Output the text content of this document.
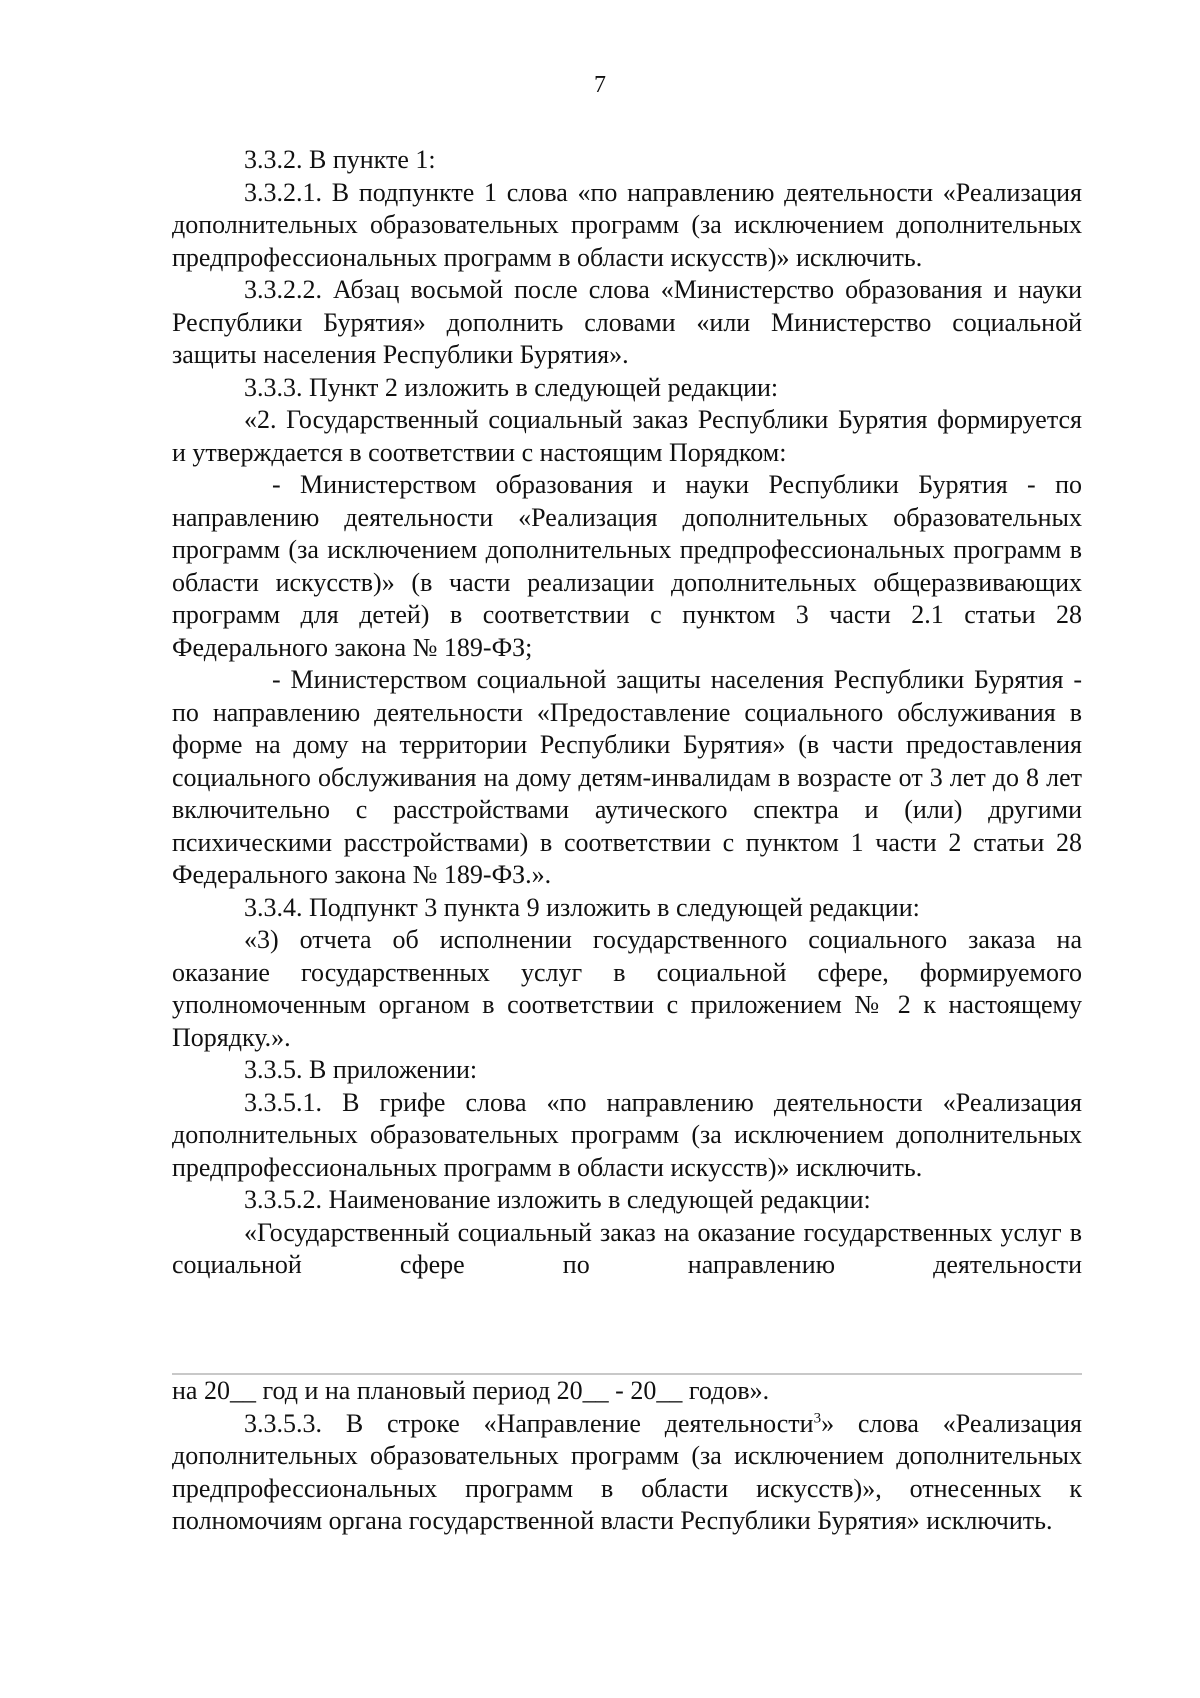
7

3.3.2. В пункте 1:

3.3.2.1. В подпункте 1 слова «по направлению деятельности «Реализация дополнительных образовательных программ (за исключением дополнительных предпрофессиональных программ в области искусств)» исключить.

3.3.2.2. Абзац восьмой после слова «Министерство образования и науки Республики Бурятия» дополнить словами «или Министерство социальной защиты населения Республики Бурятия».

3.3.3. Пункт 2 изложить в следующей редакции:

«2. Государственный социальный заказ Республики Бурятия формируется и утверждается в соответствии с настоящим Порядком:

- Министерством образования и науки Республики Бурятия - по направлению деятельности «Реализация дополнительных образовательных программ (за исключением дополнительных предпрофессиональных программ в области искусств)» (в части реализации дополнительных общеразвивающих программ для детей) в соответствии с пунктом 3 части 2.1 статьи 28 Федерального закона № 189-ФЗ;

- Министерством социальной защиты населения Республики Бурятия - по направлению деятельности «Предоставление социального обслуживания в форме на дому на территории Республики Бурятия» (в части предоставления социального обслуживания на дому детям-инвалидам в возрасте от 3 лет до 8 лет включительно с расстройствами аутического спектра и (или) другими психическими расстройствами) в соответствии с пунктом 1 части 2 статьи 28 Федерального закона № 189-ФЗ.».

3.3.4. Подпункт 3 пункта 9 изложить в следующей редакции:

«3) отчета об исполнении государственного социального заказа на оказание государственных услуг в социальной сфере, формируемого уполномоченным органом в соответствии с приложением № 2 к настоящему Порядку.».

3.3.5. В приложении:

3.3.5.1. В грифе слова «по направлению деятельности «Реализация дополнительных образовательных программ (за исключением дополнительных предпрофессиональных программ в области искусств)» исключить.

3.3.5.2. Наименование изложить в следующей редакции:

«Государственный социальный заказ на оказание государственных услуг в социальной сфере по направлению деятельности

на 20__ год и на плановый период 20__ - 20__ годов».

3.3.5.3. В строке «Направление деятельности$^3$» слова «Реализация дополнительных образовательных программ (за исключением дополнительных предпрофессиональных программ в области искусств)», отнесенных к полномочиям органа государственной власти Республики Бурятия» исключить.
